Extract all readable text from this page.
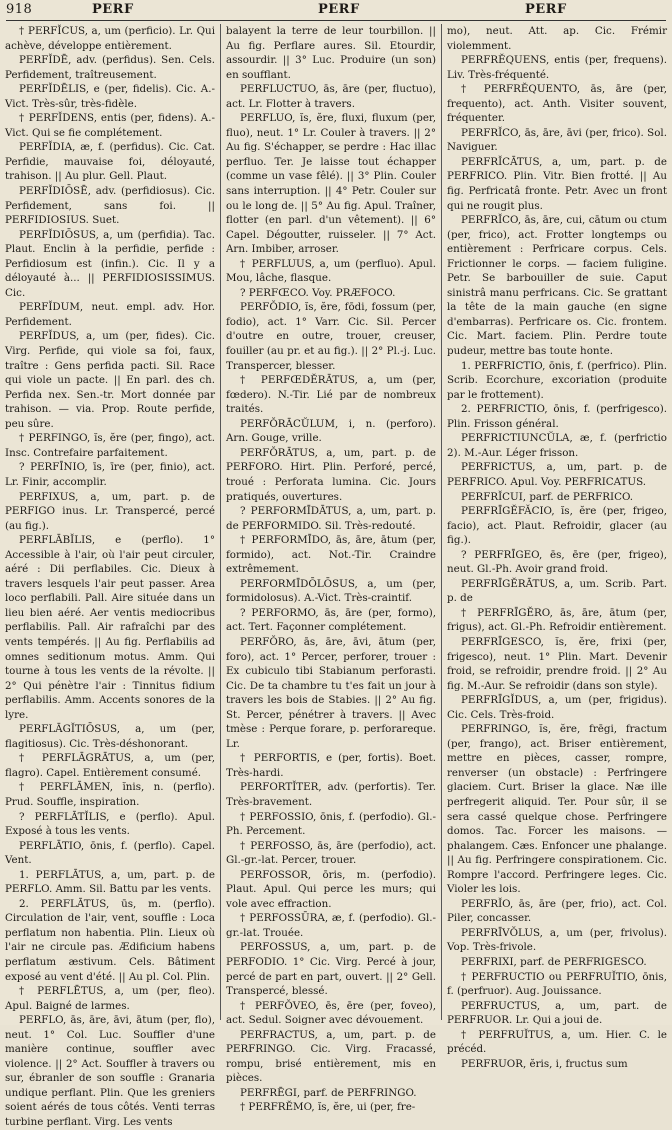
918	PERF	PERF	PERF

† PERFĬCUS, a, um (perficio). Lr. Qui achève, développe entièrement.

PERFĬDĒ, adv. (perfidus). Sen. Cels. Perfidement, traîtreusement.

PERFĬDĒLIS, e (per, fidelis). Cic. A.-Vict. Très-sûr, très-fidèle.

† PERFĬDENS, entis (per, fidens). A.-Vict. Qui se fie complétement.

PERFĬDIA, æ, f. (perfidus). Cic. Cat. Perfidie, mauvaise foi, déloyauté, trahison. || Au plur. Gell. Plaut.

PERFĬDIŌSĒ, adv. (perfidiosus). Cic. Perfidement, sans foi. || PERFIDIOSIUS. Suet.

PERFĬDIŌSUS, a, um (perfidia). Tac. Plaut. Enclin à la perfidie, perfide : Perfidiosum est (infin.). Cic. Il y a déloyauté à... || PERFIDIOSISSIMUS. Cic.

PERFĬDUM, neut. empl. adv. Hor. Perfidement.

PERFĬDUS, a, um (per, fides). Cic. Virg. Perfide, qui viole sa foi, faux, traître : Gens perfida pacti. Sil. Race qui viole un pacte. || En parl. des ch. Perfida nex. Sen.-tr. Mort donnée par trahison. — via. Prop. Route perfide, peu sûre.

† PERFINGO, ĭs, ĕre (per, fingo), act. Insc. Contrefaire parfaitement.

? PERFĪNIO, īs, īre (per, finio), act. Lr. Finir, accomplir.

PERFIXUS, a, um, part. p. de PERFIGO inus. Lr. Transpercé, percé (au fig.).

PERFLĀBĬLIS, e (perflo). 1° Accessible à l'air, où l'air peut circuler, aéré : Dii perflabiles. Cic. Dieux à travers lesquels l'air peut passer. Area loco perflabili. Pall. Aire située dans un lieu bien aéré. Aer ventis mediocribus perflabilis. Pall. Air rafraîchi par des vents tempérés. || Au fig. Perflabilis ad omnes seditionum motus. Amm. Qui tourne à tous les vents de la révolte. || 2° Qui pénètre l'air : Tinnitus fidium perflabilis. Amm. Accents sonores de la lyre.

PERFLĀGĬTIŌSUS, a, um (per, flagitiosus). Cic. Très-déshonorant.

† PERFLĀGRĀTUS, a, um (per, flagro). Capel. Entièrement consumé.

† PERFLĀMEN, ĭnis, n. (perflo). Prud. Souffle, inspiration.

? PERFLĀTĬLIS, e (perflo). Apul. Exposé à tous les vents.

PERFLĀTIO, ōnis, f. (perflo). Capel. Vent.

1. PERFLĀTUS, a, um, part. p. de PERFLO. Amm. Sil. Battu par les vents.

2. PERFLĀTUS, ūs, m. (perflo). Circulation de l'air, vent, souffle : Loca perflatum non habentia. Plin. Lieux où l'air ne circule pas. Ædificium habens perflatum æstivum. Cels. Bâtiment exposé au vent d'été. || Au pl. Col. Plin.

† PERFLĒTUS, a, um (per, fleo). Apul. Baigné de larmes.

PERFLO, ās, āre, āvi, ātum (per, flo), neut. 1° Col. Luc. Souffler d'une manière continue, souffler avec violence. || 2° Act. Souffler à travers ou sur, ébranler de son souffle : Granaria undique perflant. Plin. Que les greniers soient aérés de tous côtés. Venti terras turbine perflant. Virg. Les vents

balayent la terre de leur tourbillon. || Au fig. Perflare aures. Sil. Etourdir, assourdir. || 3° Luc. Produire (un son) en soufflant.

PERFLUCTUO, ās, āre (per, fluctuo), act. Lr. Flotter à travers.

PERFLUO, ĭs, ĕre, fluxi, fluxum (per, fluo), neut. 1° Lr. Couler à travers. || 2° Au fig. S'échapper, se perdre : Hac illac perfluo. Ter. Je laisse tout échapper (comme un vase fêlé). || 3° Plin. Couler sans interruption. || 4° Petr. Couler sur ou le long de. || 5° Au fig. Apul. Traîner, flotter (en parl. d'un vêtement). || 6° Capel. Dégoutter, ruisseler. || 7° Act. Arn. Imbiber, arroser.

† PERFLUUS, a, um (perfluo). Apul. Mou, lâche, flasque.

? PERFŒCO. Voy. PRÆFOCO.

PERFŎDIO, ĭs, ĕre, fōdi, fossum (per, fodio), act. 1° Varr. Cic. Sil. Percer d'outre en outre, trouer, creuser, fouiller (au pr. et au fig.). || 2° Pl.-j. Luc. Transpercer, blesser.

† PERFŒDĔRĀTUS, a, um (per, fœdero). N.-Tir. Lié par de nombreux traités.

PERFŎRĀCŬLUM, i, n. (perforo). Arn. Gouge, vrille.

PERFŎRĀTUS, a, um, part. p. de PERFORO. Hirt. Plin. Perforé, percé, troué : Perforata lumina. Cic. Jours pratiqués, ouvertures.

? PERFORMĪDĀTUS, a, um, part. p. de PERFORMIDO. Sil. Très-redouté.

† PERFORMĪDO, ās, āre, ātum (per, formido), act. Not.-Tir. Craindre extrêmement.

PERFORMĪDŌLŌSUS, a, um (per, formidolosus). A.-Vict. Très-craintif.

? PERFORMO, ās, āre (per, formo), act. Tert. Façonner complétement.

PERFŎRO, ās, āre, āvi, ātum (per, foro), act. 1° Percer, perforer, trouer : Ex cubiculo tibi Stabianum perforasti. Cic. De ta chambre tu t'es fait un jour à travers les bois de Stabies. || 2° Au fig. St. Percer, pénétrer à travers. || Avec tmèse : Perque forare, p. perforareque. Lr.

† PERFORTIS, e (per, fortis). Boet. Très-hardi.

PERFORTĬTER, adv. (perfortis). Ter. Très-bravement.

† PERFOSSIO, ōnis, f. (perfodio). Gl.-Ph. Percement.

† PERFOSSO, ās, āre (perfodio), act. Gl.-gr.-lat. Percer, trouer.

PERFOSSOR, ōris, m. (perfodio). Plaut. Apul. Qui perce les murs; qui vole avec effraction.

† PERFOSSŪRA, æ, f. (perfodio). Gl.-gr.-lat. Trouée.

PERFOSSUS, a, um, part. p. de PERFODIO. 1° Cic. Virg. Percé à jour, percé de part en part, ouvert. || 2° Gell. Transpercé, blessé.

† PERFŎVEO, ēs, ēre (per, foveo), act. Sedul. Soigner avec dévouement.

PERFRACTUS, a, um, part. p. de PERFRINGO. Cic. Virg. Fracassé, rompu, brisé entièrement, mis en pièces.

PERFRĒGI, parf. de PERFRINGO.

† PERFRĔMO, ĭs, ĕre, ui (per, fre-

mo), neut. Att. ap. Cic. Frémir violemment.

PERFRĔQUENS, entis (per, frequens). Liv. Très-fréquenté.

† PERFRĔQUENTO, ās, āre (per, frequento), act. Anth. Visiter souvent, fréquenter.

PERFRĬCO, ās, āre, āvi (per, frico). Sol. Naviguer.

PERFRĬCĀTUS, a, um, part. p. de PERFRICO. Plin. Vitr. Bien frotté. || Au fig. Perfricatâ fronte. Petr. Avec un front qui ne rougit plus.

PERFRĬCO, ās, āre, cui, cātum ou ctum (per, frico), act. Frotter longtemps ou entièrement : Perfricare corpus. Cels. Frictionner le corps. — faciem fuligine. Petr. Se barbouiller de suie. Caput sinistrâ manu perfricans. Cic. Se grattant la tête de la main gauche (en signe d'embarras). Perfricare os. Cic. frontem. Cic. Mart. faciem. Plin. Perdre toute pudeur, mettre bas toute honte.

1. PERFRICTIO, ōnis, f. (perfrico). Plin. Scrib. Ecorchure, excoriation (produite par le frottement).

2. PERFRICTIO, ōnis, f. (perfrigesco). Plin. Frisson général.

PERFRICTIUNCŬLA, æ, f. (perfrictio 2). M.-Aur. Léger frisson.

PERFRICTUS, a, um, part. p. de PERFRICO. Apul. Voy. PERFRICATUS.

PERFRĬCUI, parf. de PERFRICO.

PERFRĪGĔFĂCIO, ĭs, ĕre (per, frigeo, facio), act. Plaut. Refroidir, glacer (au fig.).

? PERFRĪGEO, ēs, ēre (per, frigeo), neut. Gl.-Ph. Avoir grand froid.

PERFRĪGĔRĀTUS, a, um. Scrib. Part. p. de

† PERFRĪGĔRO, ās, āre, ātum (per, frigus), act. Gl.-Ph. Refroidir entièrement.

PERFRĪGESCO, ĭs, ĕre, frixi (per, frigesco), neut. 1° Plin. Mart. Devenir froid, se refroidir, prendre froid. || 2° Au fig. M.-Aur. Se refroidir (dans son style).

PERFRĪGĬDUS, a, um (per, frigidus). Cic. Cels. Très-froid.

PERFRINGO, ĭs, ĕre, frēgi, fractum (per, frango), act. Briser entièrement, mettre en pièces, casser, rompre, renverser (un obstacle) : Perfringere glaciem. Curt. Briser la glace. Næ ille perfregerit aliquid. Ter. Pour sûr, il se sera cassé quelque chose. Perfringere domos. Tac. Forcer les maisons. — phalangem. Cæs. Enfoncer une phalange. || Au fig. Perfringere conspirationem. Cic. Rompre l'accord. Perfringere leges. Cic. Violer les lois.

PERFRĬO, ās, āre (per, frio), act. Col. Piler, concasser.

PERFRĪVŎLUS, a, um (per, frivolus). Vop. Très-frivole.

PERFRIXI, parf. de PERFRIGESCO.

† PERFRUCTIO ou PERFRUĬTIO, ōnis, f. (perfruor). Aug. Jouissance.

PERFRUCTUS, a, um, part. de PERFRUOR. Lr. Qui a joui de.

† PERFRUĬTUS, a, um. Hier. C. le précéd.

PERFRUOR, ĕris, i, fructus sum
